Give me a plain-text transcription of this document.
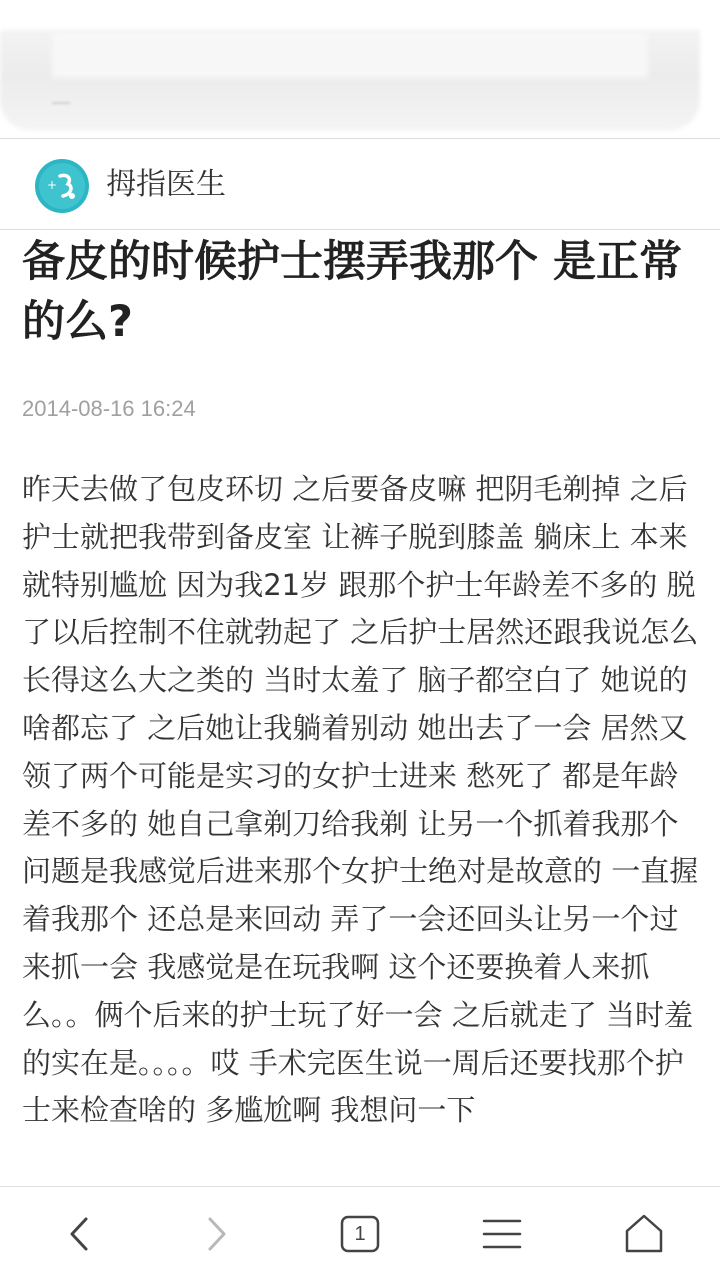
+ 拇指医生
备皮的时候护士摆弄我那个 是正常的么?
2014-08-16 16:24

昨天去做了包皮环切 之后要备皮嘛 把阴毛剃掉 之后护士就把我带到备皮室 让裤子脱到膝盖 躺床上 本来就特别尴尬 因为我21岁 跟那个护士年龄差不多的 脱了以后控制不住就勃起了 之后护士居然还跟我说怎么长得这么大之类的 当时太羞了 脑子都空白了 她说的啥都忘了 之后她让我躺着别动 她出去了一会 居然又领了两个可能是实习的女护士进来 愁死了 都是年龄差不多的 她自己拿剃刀给我剃 让另一个抓着我那个 问题是我感觉后进来那个女护士绝对是故意的 一直握着我那个 还总是来回动 弄了一会还回头让另一个过来抓一会 我感觉是在玩我啊 这个还要换着人来抓么。。俩个后来的护士玩了好一会 之后就走了 当时羞的实在是。。。。哎 手术完医生说一周后还要找那个护士来检查啥的 多尴尬啊 我想问一下

1
